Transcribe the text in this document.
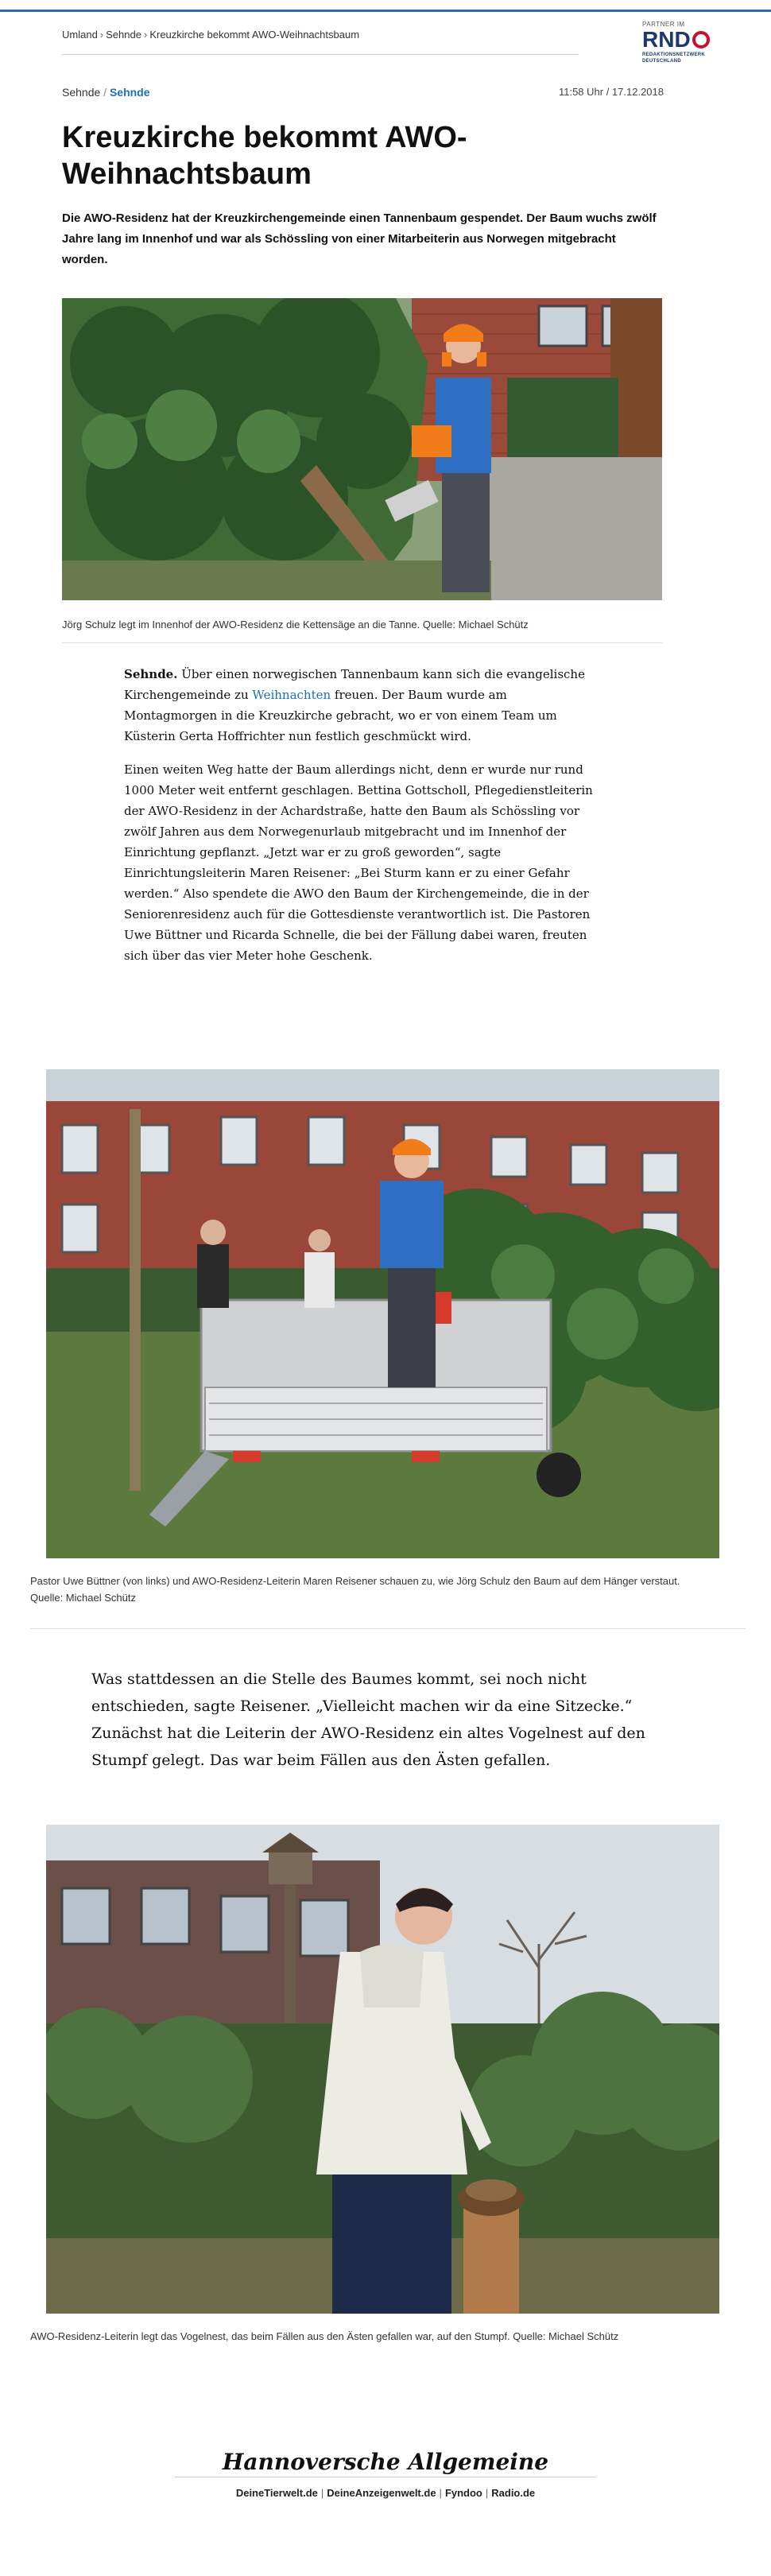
Umland › Sehnde › Kreuzkirche bekommt AWO-Weihnachtsbaum
PARTNER IM
RND
REDAKTIONSNETZWERK DEUTSCHLAND
Sehnde / Sehnde	11:58 Uhr / 17.12.2018
Kreuzkirche bekommt AWO-Weihnachtsbaum

Die AWO-Residenz hat der Kreuzkirchengemeinde einen Tannenbaum gespendet. Der Baum wuchs zwölf Jahre lang im Innenhof und war als Schössling von einer Mitarbeiterin aus Norwegen mitgebracht worden.

Jörg Schulz legt im Innenhof der AWO-Residenz die Kettensäge an die Tanne. Quelle: Michael Schütz

Sehnde. Über einen norwegischen Tannenbaum kann sich die evangelische Kirchengemeinde zu Weihnachten freuen. Der Baum wurde am Montagmorgen in die Kreuzkirche gebracht, wo er von einem Team um Küsterin Gerta Hoffrichter nun festlich geschmückt wird.

Einen weiten Weg hatte der Baum allerdings nicht, denn er wurde nur rund 1000 Meter weit entfernt geschlagen. Bettina Gottscholl, Pflegedienstleiterin der AWO-Residenz in der Achardstraße, hatte den Baum als Schössling vor zwölf Jahren aus dem Norwegenurlaub mitgebracht und im Innenhof der Einrichtung gepflanzt. „Jetzt war er zu groß geworden“, sagte Einrichtungsleiterin Maren Reisener: „Bei Sturm kann er zu einer Gefahr werden.“ Also spendete die AWO den Baum der Kirchengemeinde, die in der Seniorenresidenz auch für die Gottesdienste verantwortlich ist. Die Pastoren Uwe Büttner und Ricarda Schnelle, die bei der Fällung dabei waren, freuten sich über das vier Meter hohe Geschenk.

Pastor Uwe Büttner (von links) und AWO-Residenz-Leiterin Maren Reisener schauen zu, wie Jörg Schulz den Baum auf dem Hänger verstaut. Quelle: Michael Schütz

Was stattdessen an die Stelle des Baumes kommt, sei noch nicht entschieden, sagte Reisener. „Vielleicht machen wir da eine Sitzecke.“ Zunächst hat die Leiterin der AWO-Residenz ein altes Vogelnest auf den Stumpf gelegt. Das war beim Fällen aus den Ästen gefallen.

AWO-Residenz-Leiterin legt das Vogelnest, das beim Fällen aus den Ästen gefallen war, auf den Stumpf. Quelle: Michael Schütz
Hannoversche Allgemeine
DeineTierwelt.de | DeineAnzeigenwelt.de | Fyndoo | Radio.de
